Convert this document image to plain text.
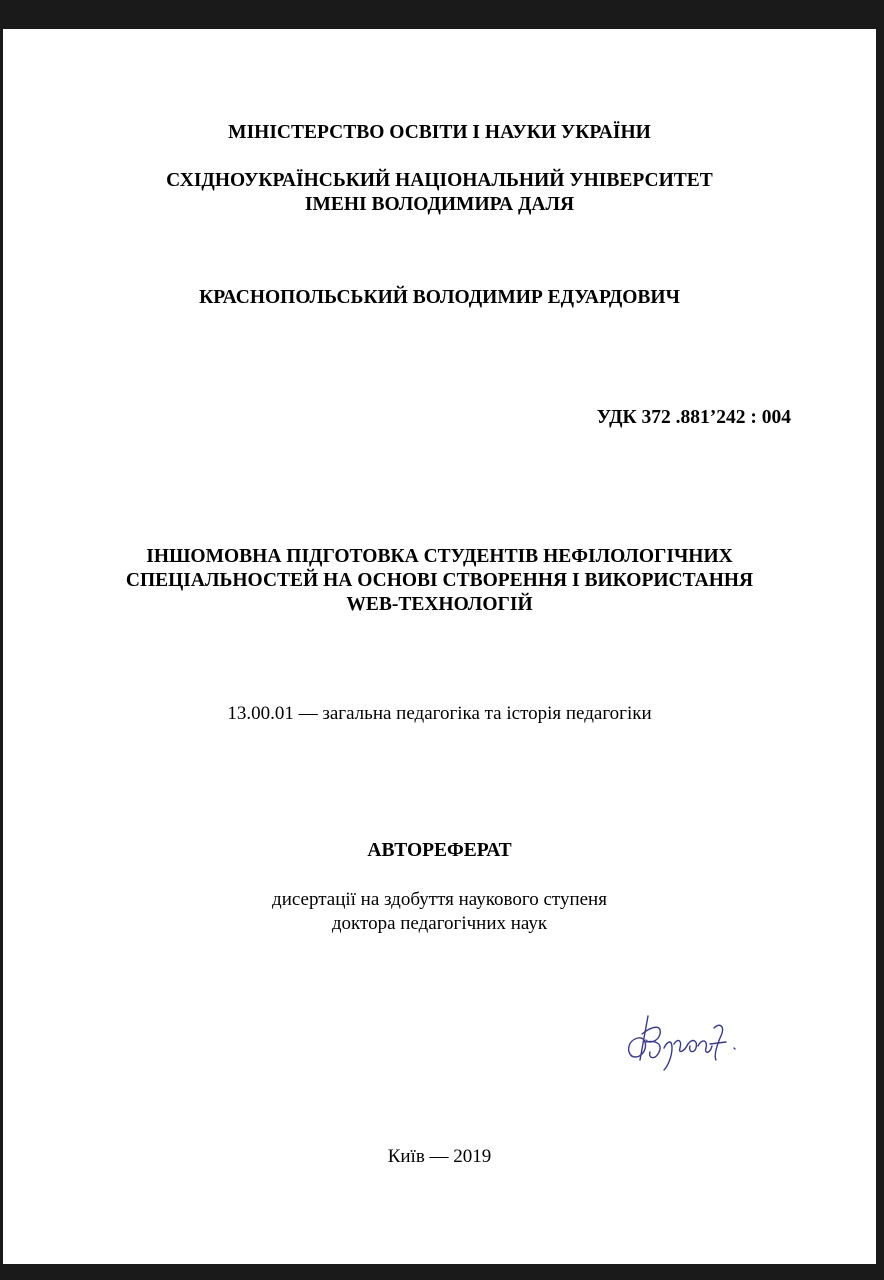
МІНІСТЕРСТВО ОСВІТИ І НАУКИ УКРАЇНИ
СХІДНОУКРАЇНСЬКИЙ НАЦІОНАЛЬНИЙ УНІВЕРСИТЕТ
ІМЕНІ ВОЛОДИМИРА ДАЛЯ
КРАСНОПОЛЬСЬКИЙ ВОЛОДИМИР ЕДУАРДОВИЧ
УДК 372 .881’242 : 004
ІНШОМОВНА ПІДГОТОВКА СТУДЕНТІВ НЕФІЛОЛОГІЧНИХ
СПЕЦІАЛЬНОСТЕЙ НА ОСНОВІ СТВОРЕННЯ І ВИКОРИСТАННЯ
WEB-ТЕХНОЛОГІЙ
13.00.01 — загальна педагогіка та історія педагогіки
АВТОРЕФЕРАТ
дисертації на здобуття наукового ступеня
доктора педагогічних наук
Київ — 2019
